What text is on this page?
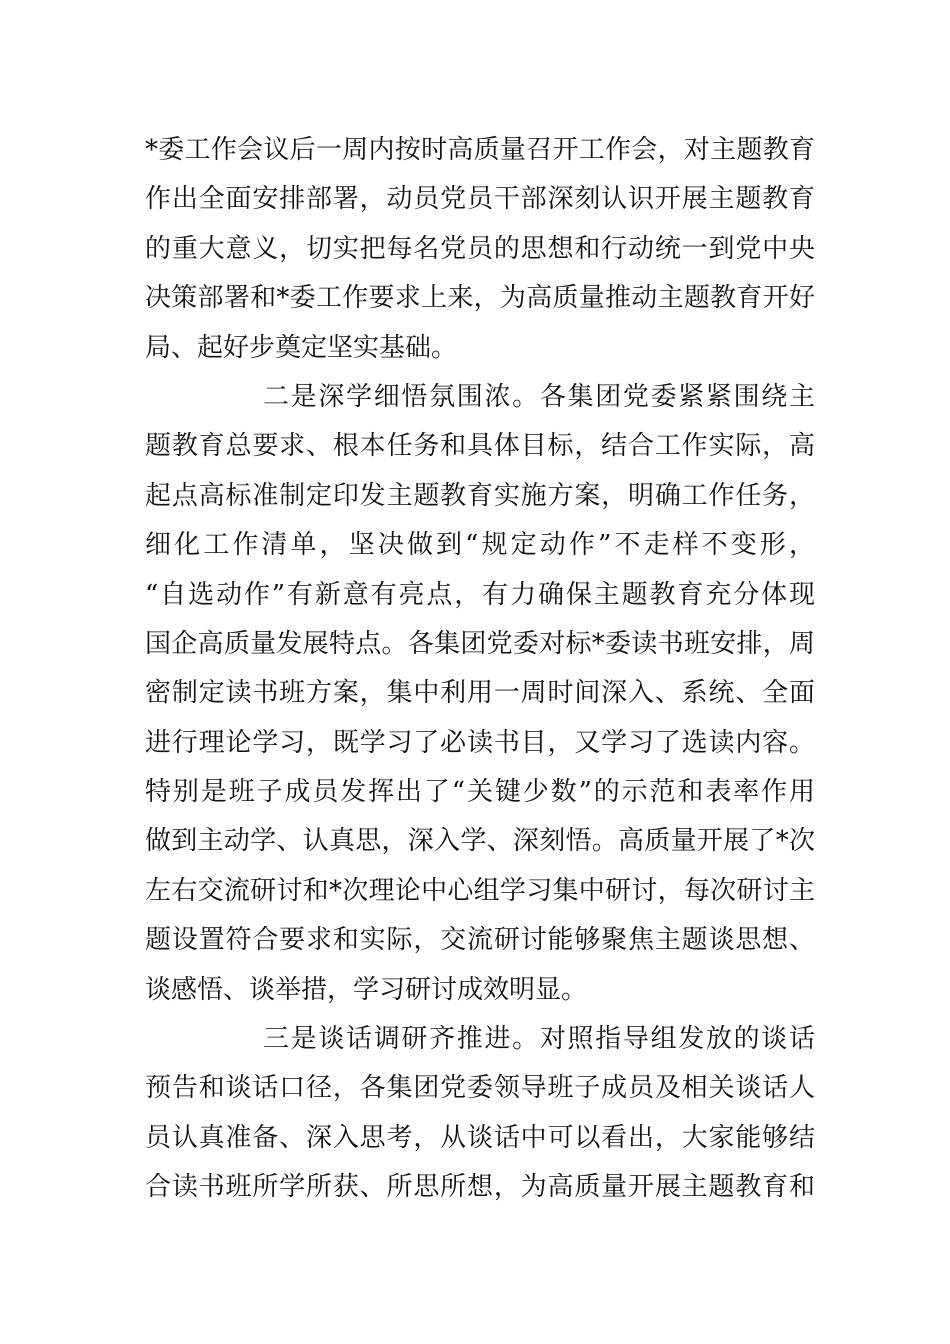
*委工作会议后一周内按时高质量召开工作会，对主题教育
作出全面安排部署，动员党员干部深刻认识开展主题教育
的重大意义，切实把每名党员的思想和行动统一到党中央
决策部署和*委工作要求上来，为高质量推动主题教育开好
局、起好步奠定坚实基础。
二是深学细悟氛围浓。各集团党委紧紧围绕主
题教育总要求、根本任务和具体目标，结合工作实际，高
起点高标准制定印发主题教育实施方案，明确工作任务，
细化工作清单，坚决做到“规定动作”不走样不变形，
“自选动作”有新意有亮点，有力确保主题教育充分体现
国企高质量发展特点。各集团党委对标*委读书班安排，周
密制定读书班方案，集中利用一周时间深入、系统、全面
进行理论学习，既学习了必读书目，又学习了选读内容。
特别是班子成员发挥出了“关键少数”的示范和表率作用
做到主动学、认真思，深入学、深刻悟。高质量开展了*次
左右交流研讨和*次理论中心组学习集中研讨，每次研讨主
题设置符合要求和实际，交流研讨能够聚焦主题谈思想、
谈感悟、谈举措，学习研讨成效明显。
三是谈话调研齐推进。对照指导组发放的谈话
预告和谈话口径，各集团党委领导班子成员及相关谈话人
员认真准备、深入思考，从谈话中可以看出，大家能够结
合读书班所学所获、所思所想，为高质量开展主题教育和
